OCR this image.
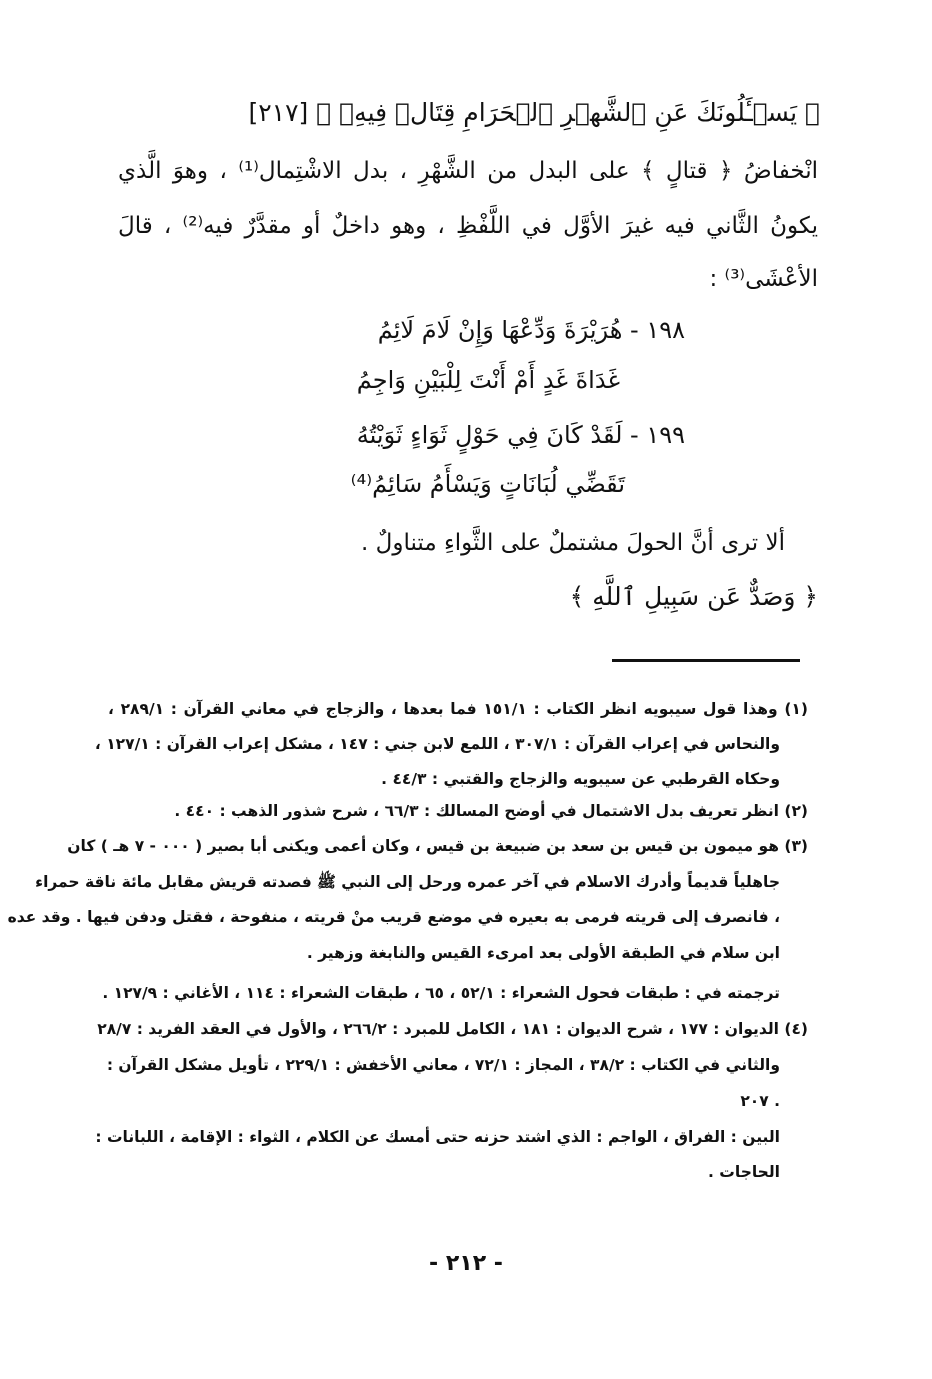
﴿ يَسۡـَٔلُونَكَ عَنِ ٱلشَّهۡرِ ٱلۡحَرَامِ قِتَالٖ فِيهِۖ ﴾ [٢١٧]
انْخفاضُ ﴿ قتالٍ ﴾ على البدل من الشَّهْرِ ، بدل الاشْتِمال⁽¹⁾ ، وهوَ الَّذي
يكونُ الثَّاني فيه غيرَ الأوَّل في اللَّفْظِ ، وهو داخلٌ أو مقدَّرٌ فيه⁽²⁾ ، قالَ
الأعْشَى⁽³⁾ :
١٩٨ - هُرَيْرَةَ وَدِّعْهَا وَإِنْ لَامَ لَائِمُ
غَدَاةَ غَدٍ أَمْ أَنْتَ لِلْبَيْنِ وَاجِمُ
١٩٩ - لَقَدْ كَانَ فِي حَوْلٍ ثَوَاءٍ ثَوَيْتُهُ
تَقَضِّي لُبَانَاتٍ وَيَسْأَمُ سَائِمُ⁽⁴⁾
ألا ترى أنَّ الحولَ مشتملٌ على الثَّواءِ متناولٌ .
﴿ وَصَدٌّ عَن سَبِيلِ ٱللَّهِ ﴾
(١) وهذا قول سيبويه انظر الكتاب : ١٥١/١ فما بعدها ، والزجاج في معاني القرآن : ٢٨٩/١ ،
والنحاس في إعراب القرآن : ٣٠٧/١ ، اللمع لابن جني : ١٤٧ ، مشكل إعراب القرآن : ١٢٧/١ ،
وحكاه القرطبي عن سيبويه والزجاج والقتبي : ٤٤/٣ .
(٢) انظر تعريف بدل الاشتمال في أوضح المسالك : ٦٦/٣ ، شرح شذور الذهب : ٤٤٠ .
(٣) هو ميمون بن قيس بن سعد بن ضبيعة بن قيس ، وكان أعمى ويكنى أبا بصير ( ٠٠٠ - ٧ هـ ) كان
جاهلياً قديماً وأدرك الاسلام في آخر عمره ورحل إلى النبي ﷺ فصدته قريش مقابل مائة ناقة حمراء
، فانصرف إلى قريته فرمى به بعيره في موضع قريب منْ قريته ، منفوحة ، فقتل ودفن فيها . وقد عده
ابن سلام في الطبقة الأولى بعد امرىء القيس والنابغة وزهير .
ترجمته في : طبقات فحول الشعراء : ٥٢/١ ، ٦٥ ، طبقات الشعراء : ١١٤ ، الأغاني : ١٢٧/٩ .
(٤) الديوان : ١٧٧ ، شرح الديوان : ١٨١ ، الكامل للمبرد : ٢٦٦/٢ ، والأول في العقد الفريد : ٢٨/٧
والثاني في الكتاب : ٣٨/٢ ، المجاز : ٧٢/١ ، معاني الأخفش : ٢٢٩/١ ، تأويل مشكل القرآن :
٢٠٧ .
البين : الفراق ، الواجم : الذي اشتد حزنه حتى أمسك عن الكلام ، الثواء : الإقامة ، اللبانات :
الحاجات .
- ٢١٢ -
